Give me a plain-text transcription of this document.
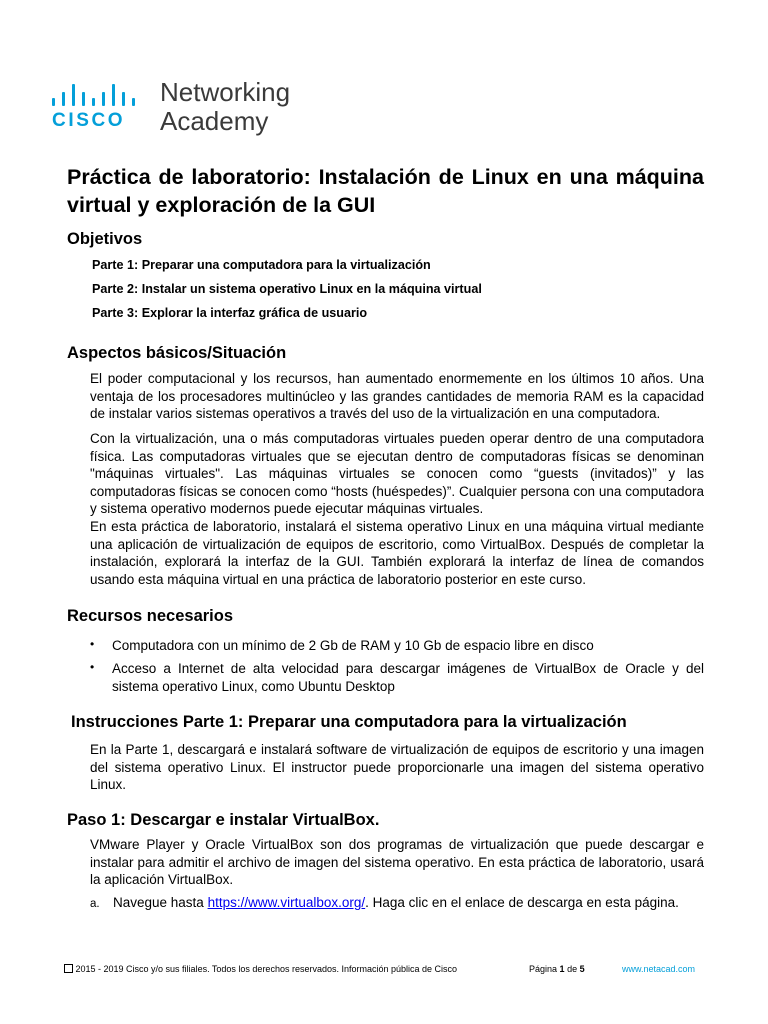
CISCO
Networking
Academy
Práctica de laboratorio: Instalación de Linux en una máquina virtual y exploración de la GUI
Objetivos
Parte 1: Preparar una computadora para la virtualización
Parte 2: Instalar un sistema operativo Linux en la máquina virtual
Parte 3: Explorar la interfaz gráfica de usuario
Aspectos básicos/Situación
El poder computacional y los recursos, han aumentado enormemente en los últimos 10 años. Una ventaja de los procesadores multinúcleo y las grandes cantidades de memoria RAM es la capacidad de instalar varios sistemas operativos a través del uso de la virtualización en una computadora.
Con la virtualización, una o más computadoras virtuales pueden operar dentro de una computadora física. Las computadoras virtuales que se ejecutan dentro de computadoras físicas se denominan "máquinas virtuales". Las máquinas virtuales se conocen como “guests (invitados)” y las computadoras físicas se conocen como “hosts (huéspedes)”. Cualquier persona con una computadora y sistema operativo modernos puede ejecutar máquinas virtuales.
En esta práctica de laboratorio, instalará el sistema operativo Linux en una máquina virtual mediante una aplicación de virtualización de equipos de escritorio, como VirtualBox. Después de completar la instalación, explorará la interfaz de la GUI. También explorará la interfaz de línea de comandos usando esta máquina virtual en una práctica de laboratorio posterior en este curso.
Recursos necesarios
• Computadora con un mínimo de 2 Gb de RAM y 10 Gb de espacio libre en disco
• Acceso a Internet de alta velocidad para descargar imágenes de VirtualBox de Oracle y del sistema operativo Linux, como Ubuntu Desktop
Instrucciones Parte 1: Preparar una computadora para la virtualización
En la Parte 1, descargará e instalará software de virtualización de equipos de escritorio y una imagen del sistema operativo Linux. El instructor puede proporcionarle una imagen del sistema operativo Linux.
Paso 1: Descargar e instalar VirtualBox.
VMware Player y Oracle VirtualBox son dos programas de virtualización que puede descargar e instalar para admitir el archivo de imagen del sistema operativo. En esta práctica de laboratorio, usará la aplicación VirtualBox.
a. Navegue hasta https://www.virtualbox.org/. Haga clic en el enlace de descarga en esta página.
2015 - 2019 Cisco y/o sus filiales. Todos los derechos reservados. Información pública de Cisco	Página 1 de 5	www.netacad.com
